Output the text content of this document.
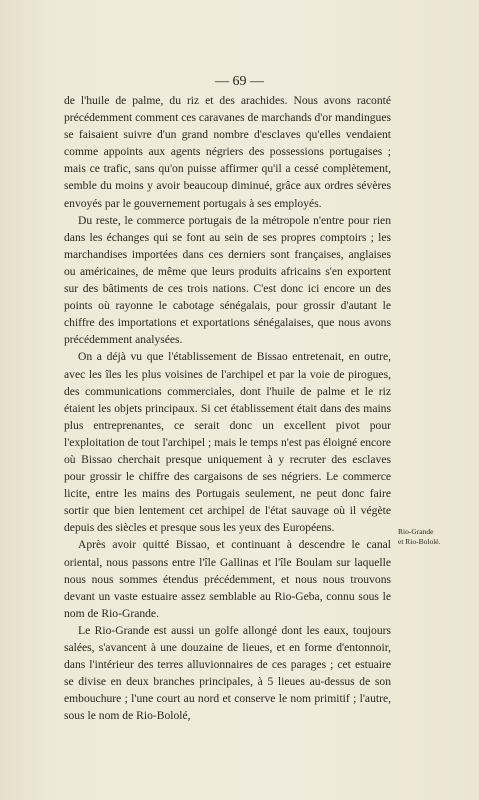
— 69 —

de l'huile de palme, du riz et des arachides. Nous avons raconté précédemment comment ces caravanes de marchands d'or mandingues se faisaient suivre d'un grand nombre d'esclaves qu'elles vendaient comme appoints aux agents négriers des possessions portugaises ; mais ce trafic, sans qu'on puisse affirmer qu'il a cessé complètement, semble du moins y avoir beaucoup diminué, grâce aux ordres sévères envoyés par le gouvernement portugais à ses employés.

Du reste, le commerce portugais de la métropole n'entre pour rien dans les échanges qui se font au sein de ses propres comptoirs ; les marchandises importées dans ces derniers sont françaises, anglaises ou américaines, de même que leurs produits africains s'en exportent sur des bâtiments de ces trois nations. C'est donc ici encore un des points où rayonne le cabotage sénégalais, pour grossir d'autant le chiffre des importations et exportations sénégalaises, que nous avons précédemment analysées.

On a déjà vu que l'établissement de Bissao entretenait, en outre, avec les îles les plus voisines de l'archipel et par la voie de pirogues, des communications commerciales, dont l'huile de palme et le riz étaient les objets principaux. Si cet établissement était dans des mains plus entreprenantes, ce serait donc un excellent pivot pour l'exploitation de tout l'archipel ; mais le temps n'est pas éloigné encore où Bissao cherchait presque uniquement à y recruter des esclaves pour grossir le chiffre des cargaisons de ses négriers. Le commerce licite, entre les mains des Portugais seulement, ne peut donc faire sortir que bien lentement cet archipel de l'état sauvage où il végète depuis des siècles et presque sous les yeux des Européens.

Après avoir quitté Bissao, et continuant à descendre le canal oriental, nous passons entre l'île Gallinas et l'île Boulam sur laquelle nous nous sommes étendus précédemment, et nous nous trouvons devant un vaste estuaire assez semblable au Rio-Geba, connu sous le nom de Rio-Grande.

Le Rio-Grande est aussi un golfe allongé dont les eaux, toujours salées, s'avancent à une douzaine de lieues, et en forme d'entonnoir, dans l'intérieur des terres alluvionnaires de ces parages ; cet estuaire se divise en deux branches principales, à 5 lieues au-dessus de son embouchure ; l'une court au nord et conserve le nom primitif ; l'autre, sous le nom de Rio-Bololé,

Rio-Grande
et Rio-Bololé.
